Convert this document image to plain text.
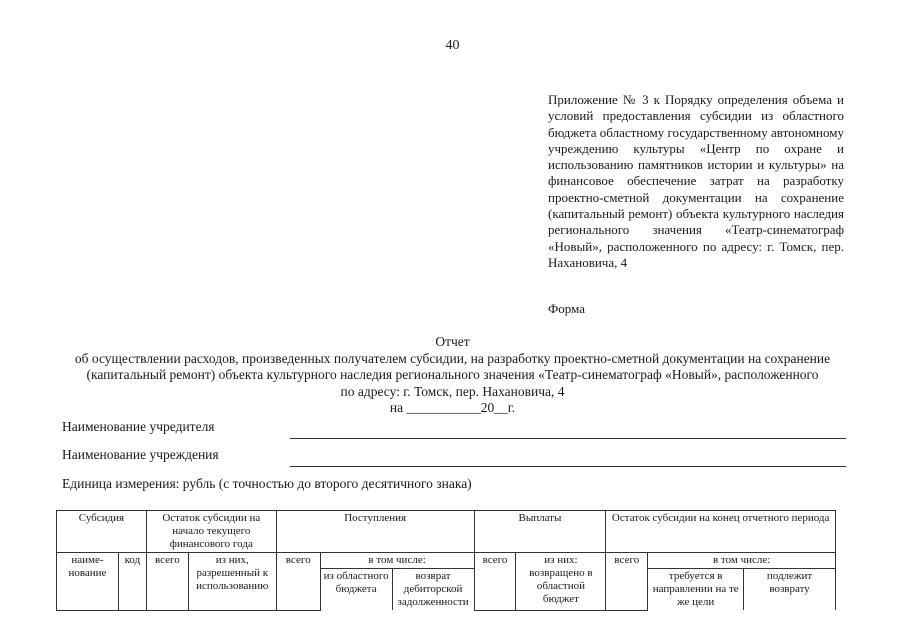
40
Приложение № 3 к Порядку определения объема и условий предоставления субсидии из областного бюджета областному государственному автономному учреждению культуры «Центр по охране и использованию памятников истории и культуры» на финансовое обеспечение затрат на разработку проектно-сметной документации на сохранение (капитальный ремонт) объекта культурного наследия регионального значения «Театр-синематограф «Новый», расположенного по адресу: г. Томск, пер. Нахановича, 4
Форма
Отчет
об осуществлении расходов, произведенных получателем субсидии, на разработку проектно-сметной документации на сохранение
(капитальный ремонт) объекта культурного наследия регионального значения «Театр-синематограф «Новый», расположенного
по адресу: г. Томск, пер. Нахановича, 4
на ___________20__г.
Наименование учредителя
Наименование учреждения
Единица измерения: рубль (с точностью до второго десятичного знака)
Субсидия		Остаток субсидии на начало текущего финансового года		Поступления			Выплаты		Остаток субсидии на конец отчетного периода		
наиме-нование	код	всего	из них, разрешенный к использованию	всего	в том числе:		всего	из них: возвращено в областной бюджет	всего	в том числе:	
					из областного бюджета	возврат дебиторской задолженности				требуется в направлении на те же цели	подлежит возврату
